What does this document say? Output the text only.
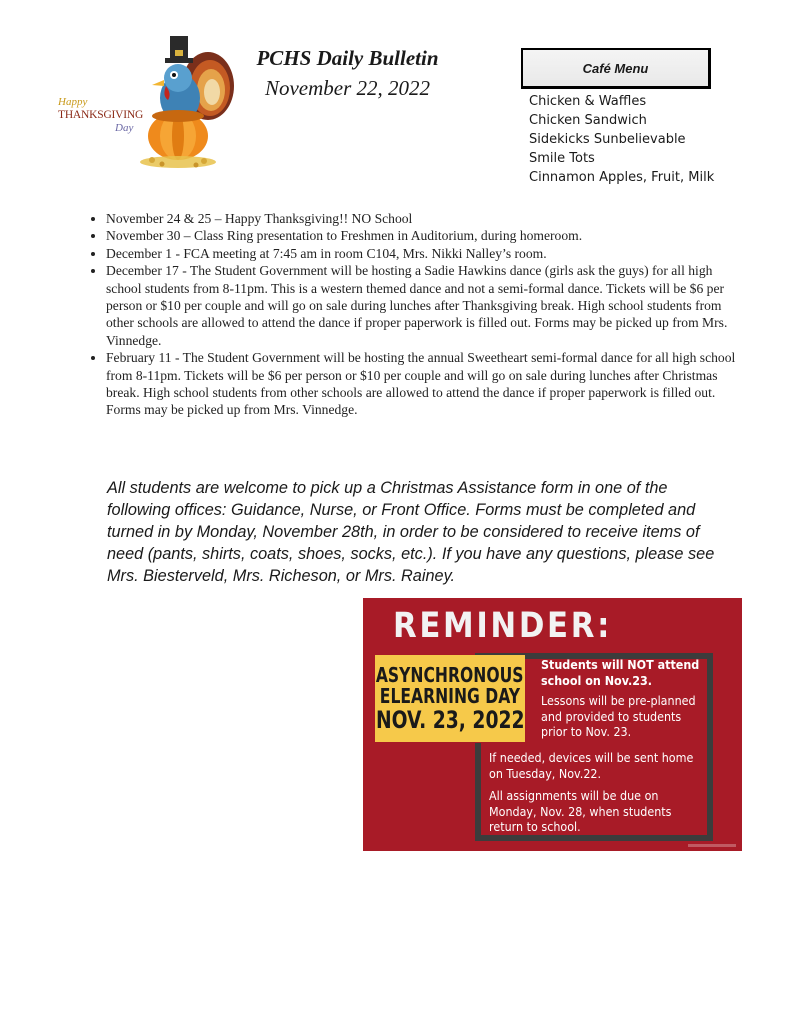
Happy
THANKSGIVING
Day
PCHS Daily Bulletin
November 22, 2022
Café Menu
Chicken & Waffles
Chicken Sandwich
Sidekicks Sunbelievable
Smile Tots
Cinnamon Apples, Fruit, Milk
• November 24 & 25 – Happy Thanksgiving!! NO School
• November 30 – Class Ring presentation to Freshmen in Auditorium, during homeroom.
• December 1 - FCA meeting at 7:45 am in room C104, Mrs. Nikki Nalley’s room.
• December 17 - The Student Government will be hosting a Sadie Hawkins dance (girls ask the guys) for all high school students from 8-11pm. This is a western themed dance and not a semi-formal dance. Tickets will be $6 per person or $10 per couple and will go on sale during lunches after Thanksgiving break. High school students from other schools are allowed to attend the dance if proper paperwork is filled out. Forms may be picked up from Mrs. Vinnedge.
• February 11 - The Student Government will be hosting the annual Sweetheart semi-formal dance for all high school from 8-11pm. Tickets will be $6 per person or $10 per couple and will go on sale during lunches after Christmas break. High school students from other schools are allowed to attend the dance if proper paperwork is filled out. Forms may be picked up from Mrs. Vinnedge.
All students are welcome to pick up a Christmas Assistance form in one of the following offices: Guidance, Nurse, or Front Office. Forms must be completed and turned in by Monday, November 28th, in order to be considered to receive items of need (pants, shirts, coats, shoes, socks, etc.). If you have any questions, please see Mrs. Biesterveld, Mrs. Richeson, or Mrs. Rainey.
REMINDER:
ASYNCHRONOUS
ELEARNING DAY
NOV. 23, 2022
Students will NOT attend
school on Nov.23.
Lessons will be pre-planned
and provided to students
prior to Nov. 23.
If needed, devices will be sent home
on Tuesday, Nov.22.
All assignments will be due on
Monday, Nov. 28, when students
return to school.
